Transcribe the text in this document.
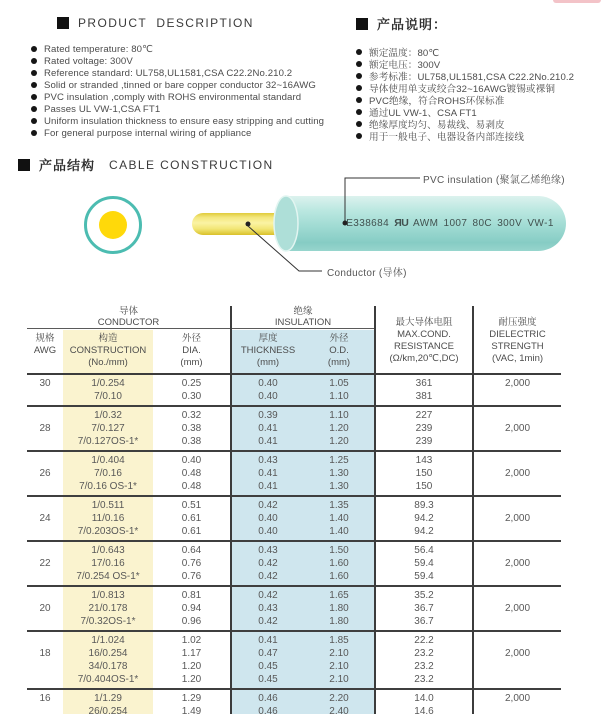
PRODUCT  DESCRIPTION
Rated temperature: 80℃
Rated voltage: 300V
Reference standard: UL758,UL1581,CSA C22.2No.210.2
Solid or stranded ,tinned or bare copper conductor 32~16AWG
PVC insulation ,comply with ROHS environmental standard
Passes UL VW-1,CSA FT1
Uniform insulation thickness to ensure easy stripping and cutting
For general purpose internal wiring of appliance
产品说明：
额定温度：80℃
额定电压：300V
参考标准：UL758,UL1581,CSA C22.2No.210.2
导体使用单支或绞合32~16AWG镀锡或裸铜
PVC绝缘，符合ROHS环保标准
通过UL VW-1、CSA FT1
绝缘厚度均匀、易裁线、易剥皮
用于一般电子、电器设备内部连接线
产品结构 CABLE CONSTRUCTION
PVC insulation (聚氯乙烯绝缘)
Conductor (导体)
E338684 ЯU AWM 1007 80C 300V VW-1
导体
CONDUCTOR
绝缘
INSULATION
规格
AWG
构造
CONSTRUCTION
(No./mm)
外径
DIA.
(mm)
厚度
THICKNESS
(mm)
外径
O.D.
(mm)
最大导体电阻
MAX.COND.
RESISTANCE
(Ω/km,20℃,DC)
耐压强度
DIELECTRIC
STRENGTH
(VAC, 1min)
30
	1/0.254
7/0.10
0.25
0.30
0.40
0.40
1.05
1.10
361
381
2,000

28

1/0.32
7/0.127
7/0.127OS-1*
0.32
0.38
0.38
0.39
0.41
0.41
1.10
1.20
1.20
227
239
239

2,000

26

1/0.404
7/0.16
7/0.16 OS-1*
0.40
0.48
0.48
0.43
0.41
0.41
1.25
1.30
1.30
143
150
150

2,000

24

1/0.511
11/0.16
7/0.203OS-1*
0.51
0.61
0.61
0.42
0.40
0.40
1.35
1.40
1.40
89.3
94.2
94.2

2,000

22

1/0.643
17/0.16
7/0.254 OS-1*
0.64
0.76
0.76
0.43
0.42
0.42
1.50
1.60
1.60
56.4
59.4
59.4

2,000

20

1/0.813
21/0.178
7/0.32OS-1*
0.81
0.94
0.96
0.42
0.43
0.42
1.65
1.80
1.80
35.2
36.7
36.7

2,000

18

1/1.024
16/0.254
34/0.178
7/0.404OS-1*
1.02
1.17
1.20
1.20
0.41
0.47
0.45
0.45
1.85
2.10
2.10
2.10
22.2
23.2
23.2
23.2

2,000

16
	1/1.29
26/0.254
1.29
1.49
0.46
0.46
2.20
2.40
14.0
14.6
2,000
